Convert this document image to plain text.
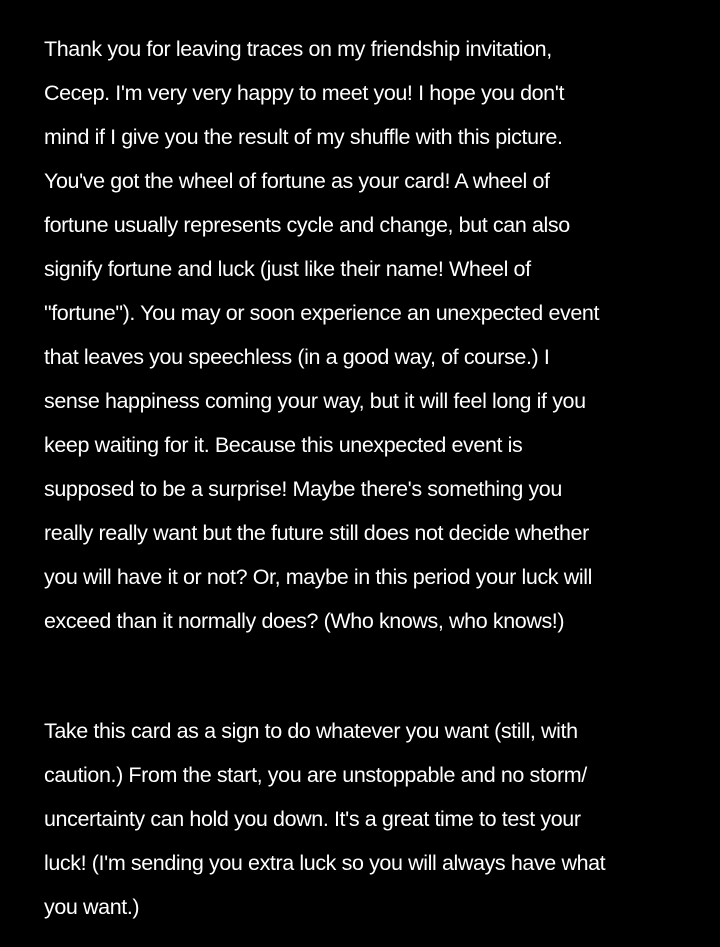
Thank you for leaving traces on my friendship invitation,
Cecep. I'm very very happy to meet you! I hope you don't
mind if I give you the result of my shuffle with this picture.
You've got the wheel of fortune as your card! A wheel of
fortune usually represents cycle and change, but can also
signify fortune and luck (just like their name! Wheel of
"fortune"). You may or soon experience an unexpected event
that leaves you speechless (in a good way, of course.) I
sense happiness coming your way, but it will feel long if you
keep waiting for it. Because this unexpected event is
supposed to be a surprise! Maybe there's something you
really really want but the future still does not decide whether
you will have it or not? Or, maybe in this period your luck will
exceed than it normally does? (Who knows, who knows!)
Take this card as a sign to do whatever you want (still, with
caution.) From the start, you are unstoppable and no storm/
uncertainty can hold you down. It's a great time to test your
luck! (I'm sending you extra luck so you will always have what
you want.)
